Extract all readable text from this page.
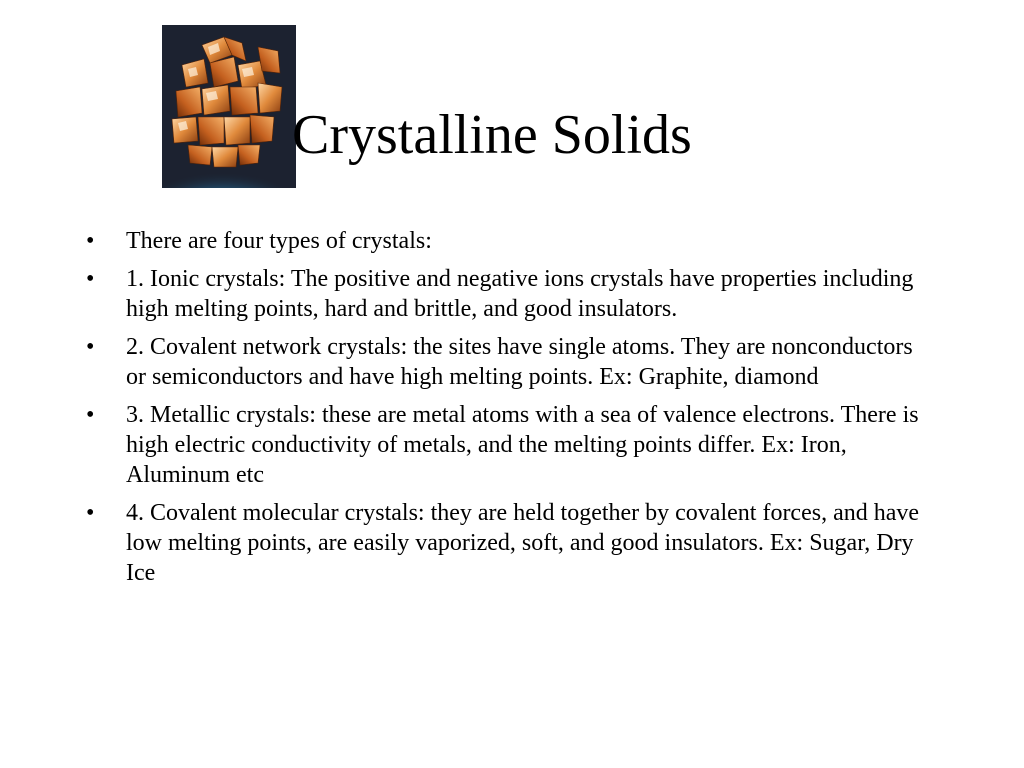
Crystalline Solids
• There are four types of crystals:
• 1. Ionic crystals: The positive and negative ions crystals have properties including high melting points, hard and brittle, and good insulators.
• 2. Covalent network crystals: the sites have single atoms. They are nonconductors or semiconductors and have high melting points. Ex: Graphite, diamond
• 3. Metallic crystals: these are metal atoms with a sea of valence electrons. There is high electric conductivity of metals, and the melting points differ. Ex: Iron, Aluminum etc
• 4. Covalent molecular crystals: they are held together by covalent forces, and have low melting points, are easily vaporized, soft, and good insulators. Ex: Sugar, Dry Ice
